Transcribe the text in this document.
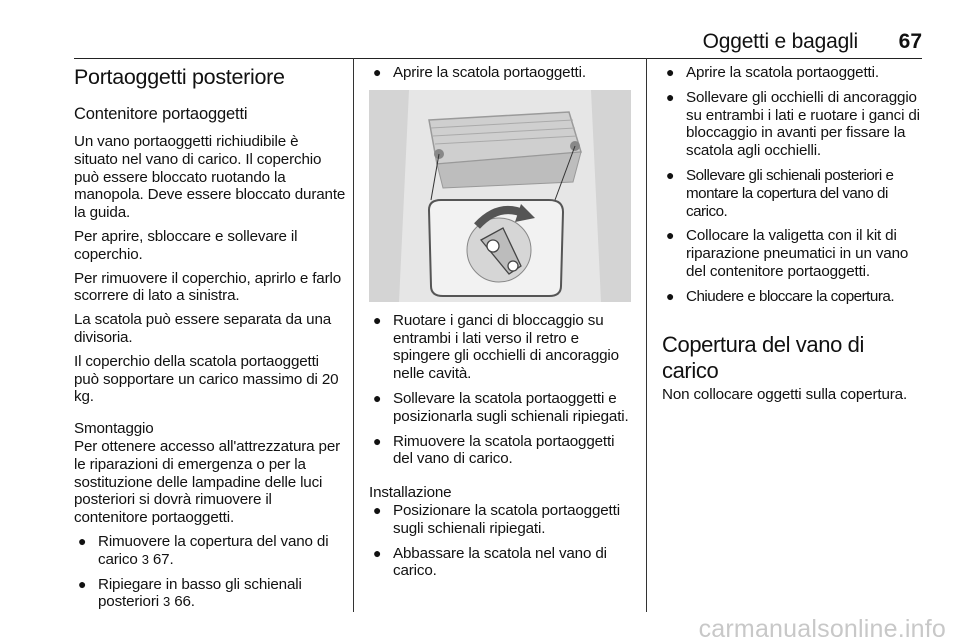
Oggetti e bagagli 67
Portaoggetti posteriore
Contenitore portaoggetti

Un vano portaoggetti richiudibile è situato nel vano di carico. Il coperchio può essere bloccato ruotando la manopola. Deve essere bloccato durante la guida.

Per aprire, sbloccare e sollevare il coperchio.

Per rimuovere il coperchio, aprirlo e farlo scorrere di lato a sinistra.

La scatola può essere separata da una divisoria.

Il coperchio della scatola portaoggetti può sopportare un carico massimo di 20 kg.

Smontaggio

Per ottenere accesso all'attrezzatura per le riparazioni di emergenza o per la sostituzione delle lampadine delle luci posteriori si dovrà rimuovere il contenitore portaoggetti.

● Rimuovere la copertura del vano di carico 3 67.
● Ripiegare in basso gli schienali posteriori 3 66.
● Aprire la scatola portaoggetti.
● Ruotare i ganci di bloccaggio su entrambi i lati verso il retro e spingere gli occhielli di ancoraggio nelle cavità.
● Sollevare la scatola portaoggetti e posizionarla sugli schienali ripiegati.
● Rimuovere la scatola portaoggetti del vano di carico.
Installazione
● Posizionare la scatola portaoggetti sugli schienali ripiegati.
● Abbassare la scatola nel vano di carico.
● Aprire la scatola portaoggetti.
● Sollevare gli occhielli di ancoraggio su entrambi i lati e ruotare i ganci di bloccaggio in avanti per fissare la scatola agli occhielli.
● Sollevare gli schienali posteriori e montare la copertura del vano di carico.
● Collocare la valigetta con il kit di riparazione pneumatici in un vano del contenitore portaoggetti.
● Chiudere e bloccare la copertura.
Copertura del vano di carico

Non collocare oggetti sulla copertura.

carmanualsonline.info
